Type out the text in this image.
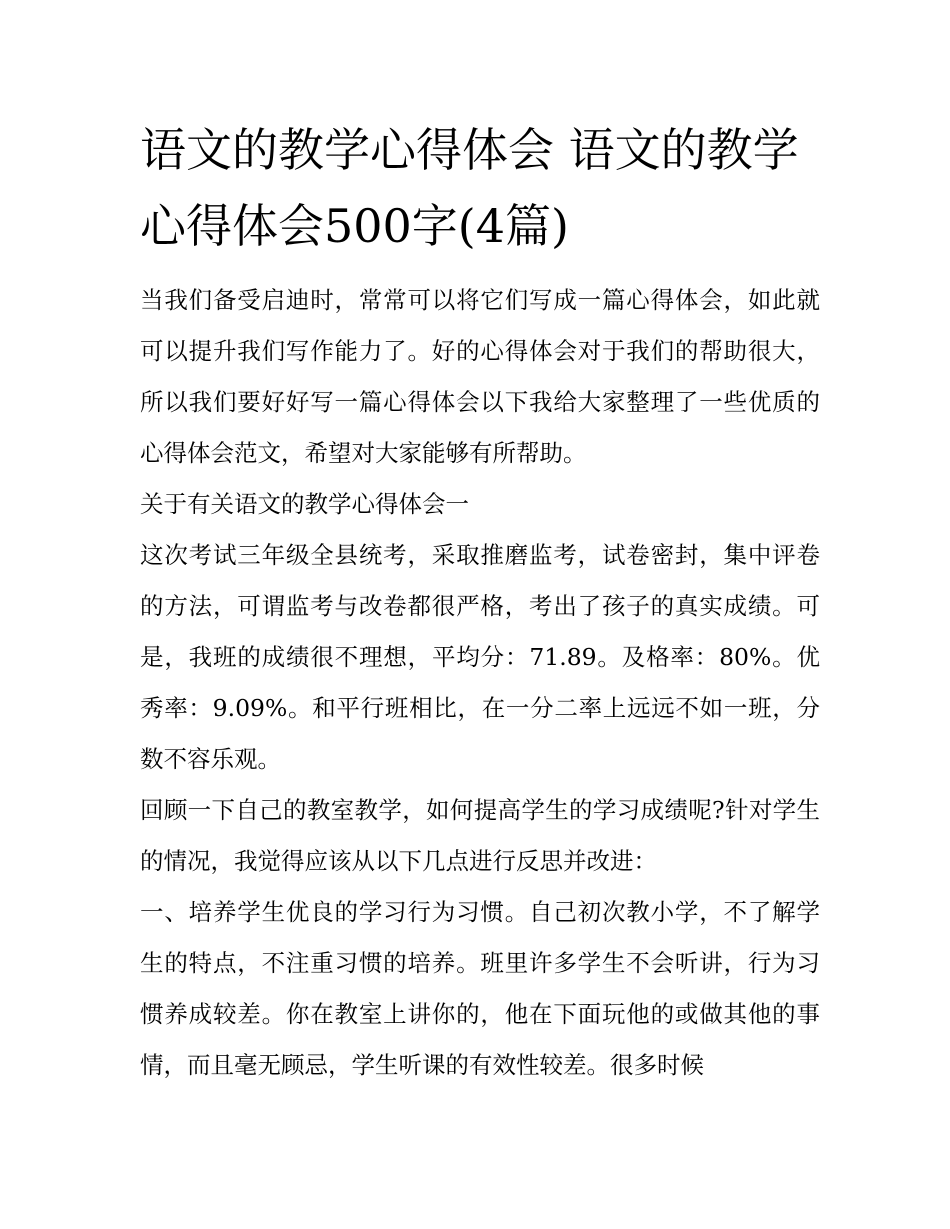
语文的教学心得体会 语文的教学心得体会500字(4篇)

当我们备受启迪时，常常可以将它们写成一篇心得体会，如此就可以提升我们写作能力了。好的心得体会对于我们的帮助很大，所以我们要好好写一篇心得体会以下我给大家整理了一些优质的心得体会范文，希望对大家能够有所帮助。

关于有关语文的教学心得体会一

这次考试三年级全县统考，采取推磨监考，试卷密封，集中评卷的方法，可谓监考与改卷都很严格，考出了孩子的真实成绩。可是，我班的成绩很不理想，平均分：71.89。及格率：80%。优秀率：9.09%。和平行班相比，在一分二率上远远不如一班，分数不容乐观。

回顾一下自己的教室教学，如何提高学生的学习成绩呢?针对学生的情况，我觉得应该从以下几点进行反思并改进：

一、培养学生优良的学习行为习惯。自己初次教小学，不了解学生的特点，不注重习惯的培养。班里许多学生不会听讲，行为习惯养成较差。你在教室上讲你的，他在下面玩他的或做其他的事情，而且毫无顾忌，学生听课的有效性较差。很多时候
